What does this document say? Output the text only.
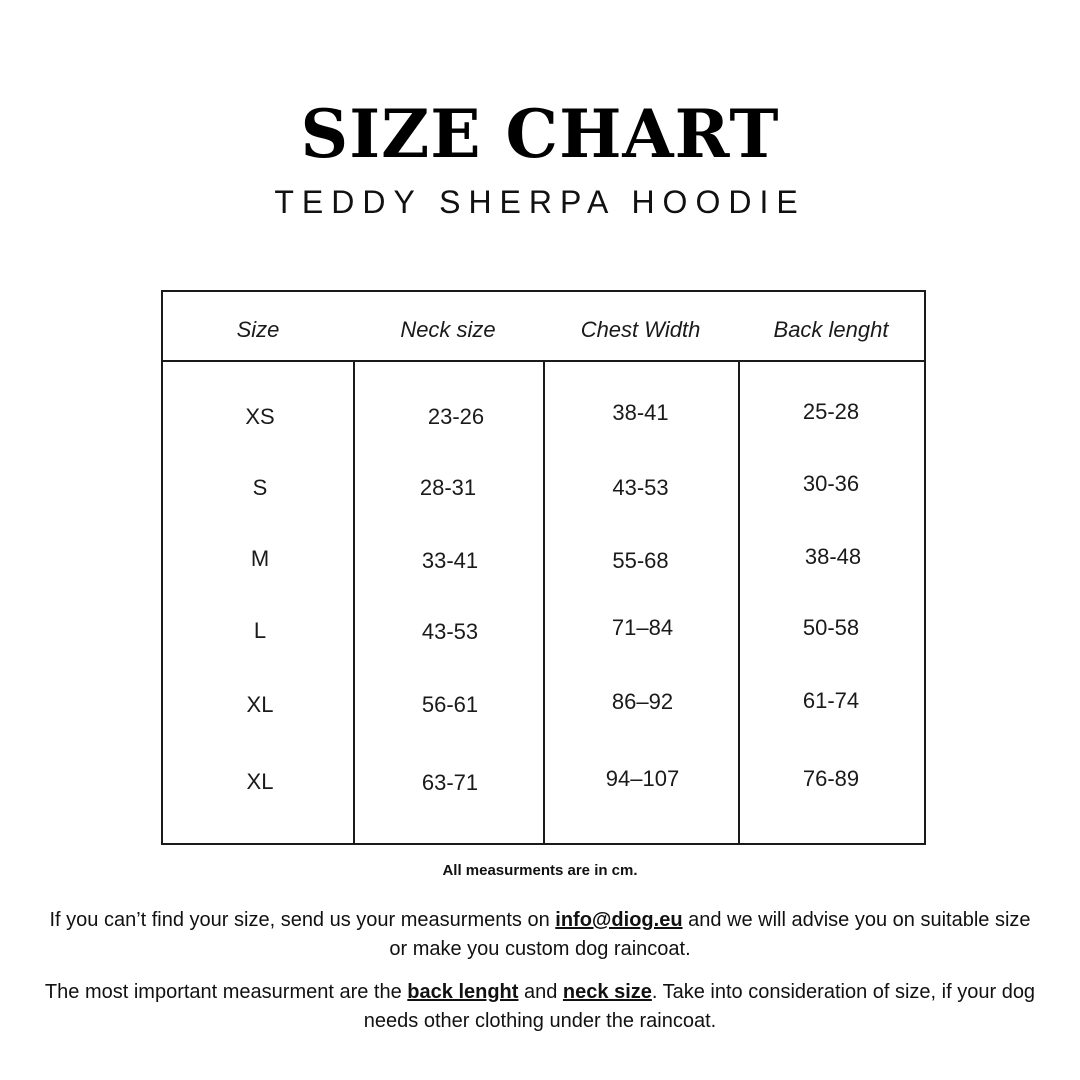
SIZE CHART
TEDDY SHERPA HOODIE
Size	Neck size	Chest Width	Back lenght
XS	23-26	38-41	25-28
S	28-31	43-53	30-36
M	33-41	55-68	38-48
L	43-53	71–84	50-58
XL	56-61	86–92	61-74
XL	63-71	94–107	76-89
All measurments are in cm.
If you can’t find your size, send us your measurments on info@diog.eu and we will advise you on suitable size or make you custom dog raincoat.
The most important measurment are the back lenght and neck size. Take into consideration of size, if your dog needs other clothing under the raincoat.
